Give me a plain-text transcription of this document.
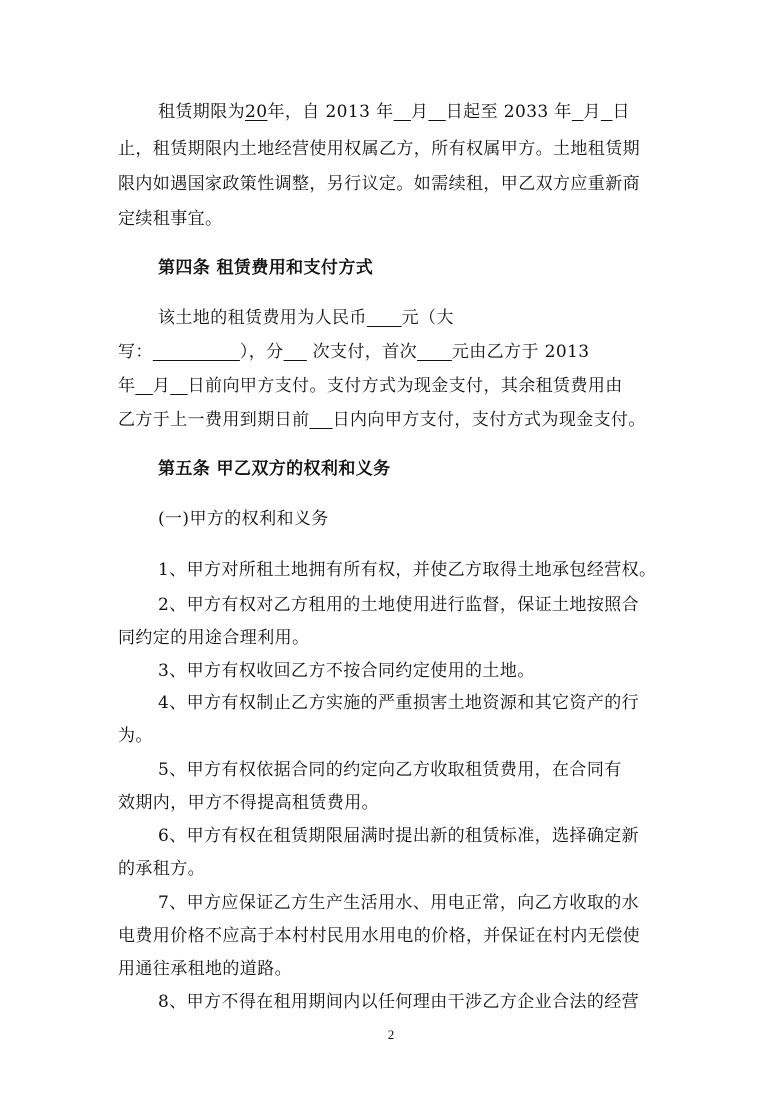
租赁期限为20年，自 2013 年 月 日起至 2033 年 月 日
止，租赁期限内土地经营使用权属乙方，所有权属甲方。土地租赁期
限内如遇国家政策性调整，另行议定。如需续租，甲乙双方应重新商
定续租事宜。
第四条 租赁费用和支付方式
该土地的租赁费用为人民币 元（大
写：	），分     次支付，首次 元由乙方于 2013
年 月 日前向甲方支付。支付方式为现金支付，其余租赁费用由
乙方于上一费用到期日前 日内向甲方支付，支付方式为现金支付。
第五条 甲乙双方的权利和义务
(一)甲方的权利和义务
1、甲方对所租土地拥有所有权，并使乙方取得土地承包经营权。
2、甲方有权对乙方租用的土地使用进行监督，保证土地按照合
同约定的用途合理利用。
3、甲方有权收回乙方不按合同约定使用的土地。
4、甲方有权制止乙方实施的严重损害土地资源和其它资产的行
为。
5、甲方有权依据合同的约定向乙方收取租赁费用，在合同有
效期内，甲方不得提高租赁费用。
6、甲方有权在租赁期限届满时提出新的租赁标准，选择确定新
的承租方。
7、甲方应保证乙方生产生活用水、用电正常，向乙方收取的水
电费用价格不应高于本村村民用水用电的价格，并保证在村内无偿使
用通往承租地的道路。
8、甲方不得在租用期间内以任何理由干涉乙方企业合法的经营
2
